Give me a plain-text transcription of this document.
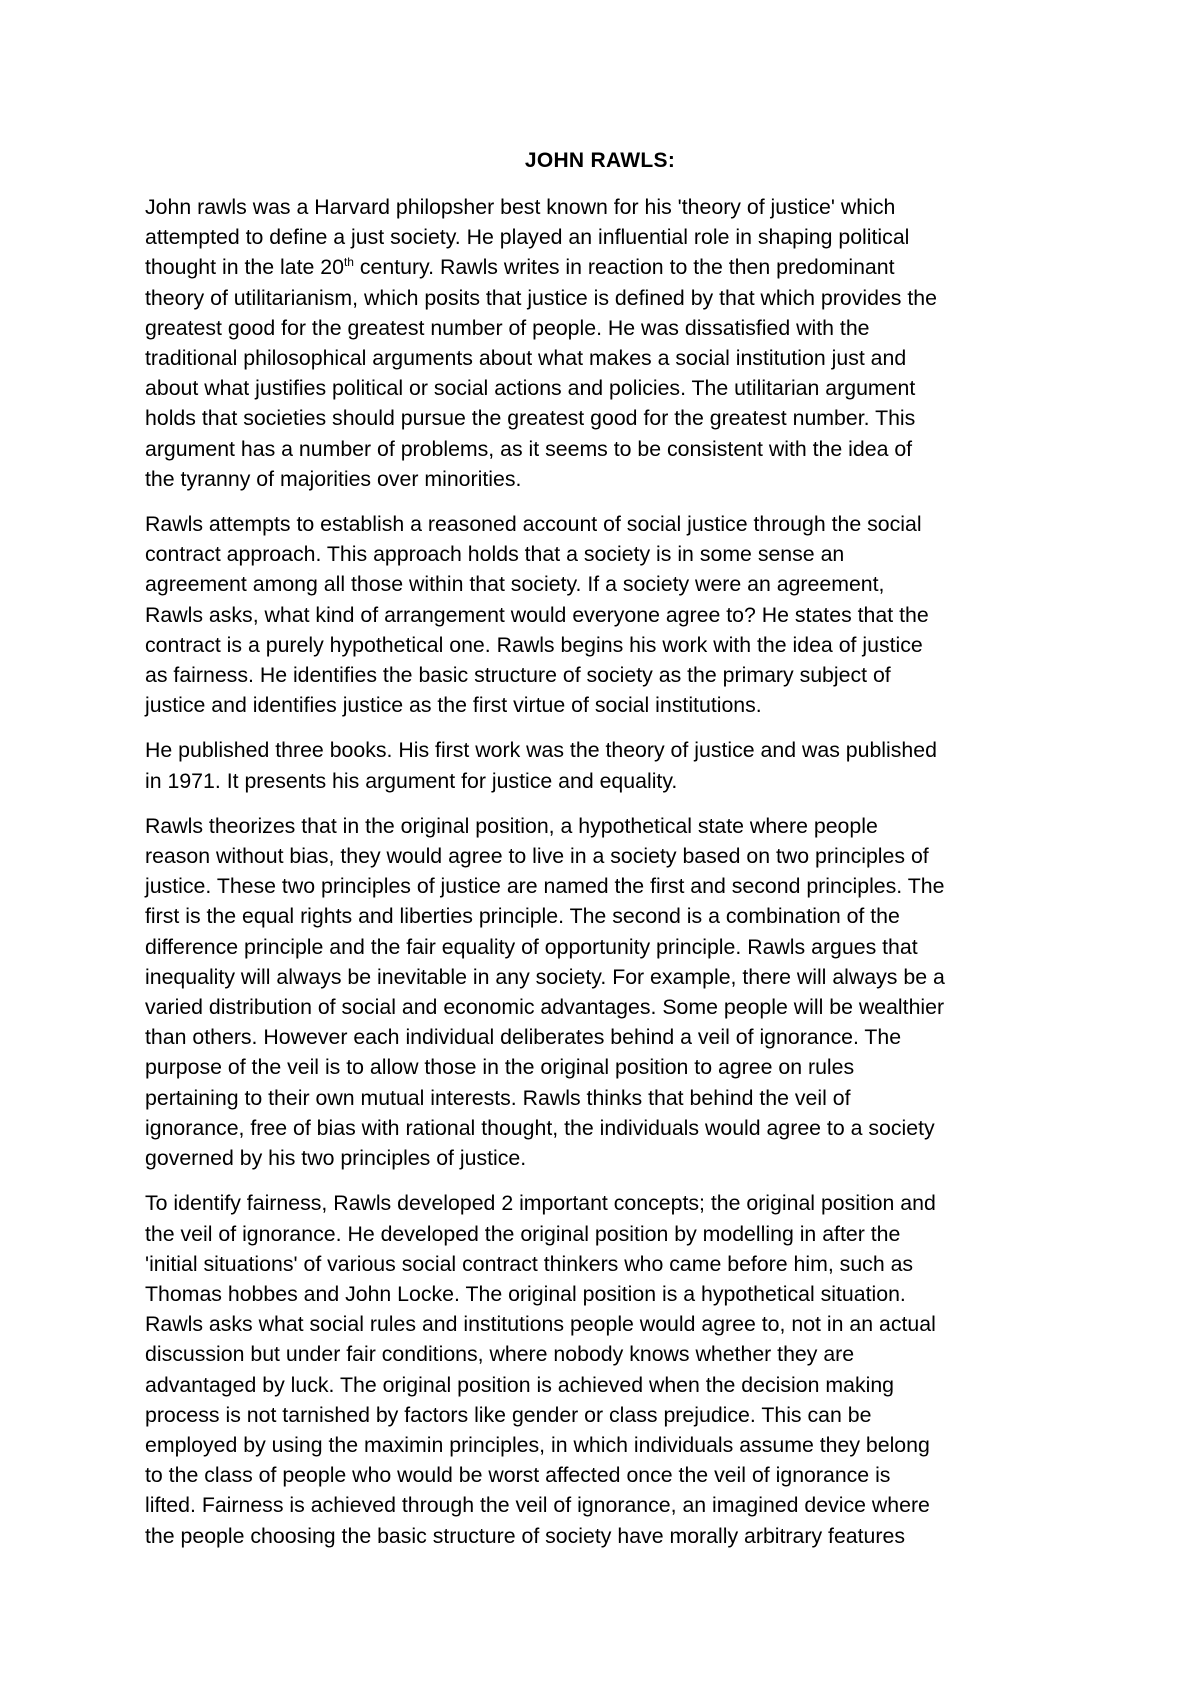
JOHN RAWLS:
John rawls was a Harvard philopsher best known for his 'theory of justice' which
attempted to define a just society. He played an influential role in shaping political
thought in the late 20th century. Rawls writes in reaction to the then predominant
theory of utilitarianism, which posits that justice is defined by that which provides the
greatest good for the greatest number of people. He was dissatisfied with the
traditional philosophical arguments about what makes a social institution just and
about what justifies political or social actions and policies. The utilitarian argument
holds that societies should pursue the greatest good for the greatest number. This
argument has a number of problems, as it seems to be consistent with the idea of
the tyranny of majorities over minorities.
Rawls attempts to establish a reasoned account of social justice through the social
contract approach. This approach holds that a society is in some sense an
agreement among all those within that society. If a society were an agreement,
Rawls asks, what kind of arrangement would everyone agree to? He states that the
contract is a purely hypothetical one. Rawls begins his work with the idea of justice
as fairness. He identifies the basic structure of society as the primary subject of
justice and identifies justice as the first virtue of social institutions.
He published three books. His first work was the theory of justice and was published
in 1971. It presents his argument for justice and equality.
Rawls theorizes that in the original position, a hypothetical state where people
reason without bias, they would agree to live in a society based on two principles of
justice. These two principles of justice are named the first and second principles. The
first is the equal rights and liberties principle. The second is a combination of the
difference principle and the fair equality of opportunity principle. Rawls argues that
inequality will always be inevitable in any society. For example, there will always be a
varied distribution of social and economic advantages. Some people will be wealthier
than others. However each individual deliberates behind a veil of ignorance. The
purpose of the veil is to allow those in the original position to agree on rules
pertaining to their own mutual interests. Rawls thinks that behind the veil of
ignorance, free of bias with rational thought, the individuals would agree to a society
governed by his two principles of justice.
To identify fairness, Rawls developed 2 important concepts; the original position and
the veil of ignorance. He developed the original position by modelling in after the
'initial situations' of various social contract thinkers who came before him, such as
Thomas hobbes and John Locke. The original position is a hypothetical situation.
Rawls asks what social rules and institutions people would agree to, not in an actual
discussion but under fair conditions, where nobody knows whether they are
advantaged by luck. The original position is achieved when the decision making
process is not tarnished by factors like gender or class prejudice. This can be
employed by using the maximin principles, in which individuals assume they belong
to the class of people who would be worst affected once the veil of ignorance is
lifted. Fairness is achieved through the veil of ignorance, an imagined device where
the people choosing the basic structure of society have morally arbitrary features
